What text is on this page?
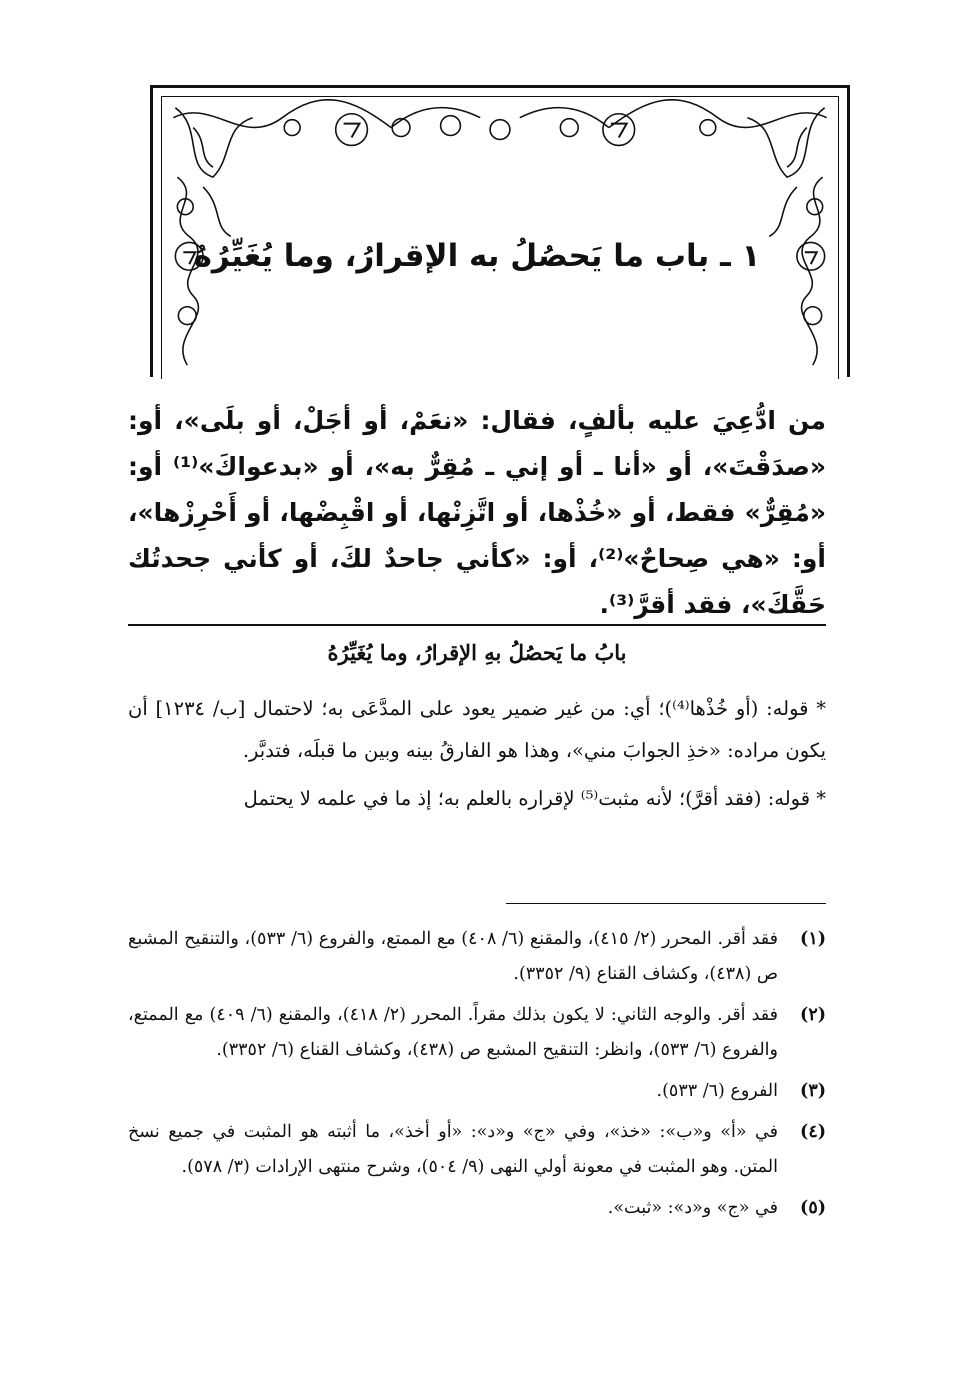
١ ـ باب ما يَحصُلُ به الإقرارُ، وما يُغَيِّرُهُ

من ادُّعِيَ عليه بألفٍ، فقال: «نعَمْ، أو أجَلْ، أو بلَى»، أو: «صدَقْتَ»، أو «أنا ـ أو إني ـ مُقِرٌّ به»، أو «بدعواكَ»⁽¹⁾ أو: «مُقِرٌّ» فقط، أو «خُذْها، أو اتَّزِنْها، أو اقْبِضْها، أو أَحْرِزْها»، أو: «هي صِحاحٌ»⁽²⁾، أو: «كأني جاحدٌ لكَ، أو كأني جحدتُك حَقَّكَ»، فقد أقرَّ⁽³⁾.

بابُ ما يَحصُلُ بهِ الإقرارُ، وما يُغَيِّرُهُ

* قوله: (أو خُذْها⁽⁴⁾)؛ أي: من غير ضمير يعود على المدَّعَى به؛ لاحتمال [ب/ ١٢٣٤] أن يكون مراده: «خذِ الجوابَ مني»، وهذا هو الفارقُ بينه وبين ما قبلَه، فتدبَّر.

* قوله: (فقد أقرَّ)؛ لأنه مثبت⁽⁵⁾ لإقراره بالعلم به؛ إذ ما في علمه لا يحتمل

(١)
فقد أقر. المحرر (٢/ ٤١٥)، والمقنع (٦/ ٤٠٨) مع الممتع، والفروع (٦/ ٥٣٣)، والتنقيح المشبع ص (٤٣٨)، وكشاف القناع (٩/ ٣٣٥٢).
(٢)
فقد أقر. والوجه الثاني: لا يكون بذلك مقراً. المحرر (٢/ ٤١٨)، والمقنع (٦/ ٤٠٩) مع الممتع، والفروع (٦/ ٥٣٣)، وانظر: التنقيح المشبع ص (٤٣٨)، وكشاف القناع (٦/ ٣٣٥٢).
(٣)
الفروع (٦/ ٥٣٣).
(٤)
في «أ» و«ب»: «خذ»، وفي «ج» و«د»: «أو أخذ»، ما أثبته هو المثبت في جميع نسخ المتن. وهو المثبت في معونة أولي النهى (٩/ ٥٠٤)، وشرح منتهى الإرادات (٣/ ٥٧٨).
(٥)
في «ج» و«د»: «ثبت».
